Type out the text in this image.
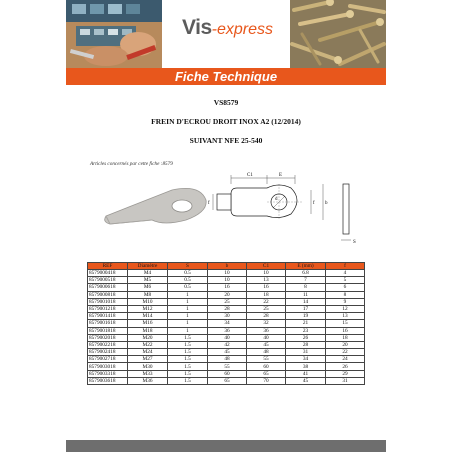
Vis-express
Fiche Technique
VS8579
FREIN D'ECROU DROIT INOX A2 (12/2014)
SUIVANT NFE 25-540
Articles concernés par cette fiche :8579
C1	E
d
f	f b
S
REF	Diamètre	S	b	C1	E (mm)	f
8579000418	M4	0.5	10	10	6.8	4
8579000518	M5	0.5	10	13	7	5
8579000618	M6	0.5	16	16	8	6
8579000818	M8	1	20	18	11	8
8579001018	M10	1	25	22	14	9
8579001218	M12	1	28	25	17	12
8579001418	M14	1	30	28	19	13
8579001618	M16	1	34	32	21	15
8579001818	M18	1	36	36	23	16
8579002018	M20	1.5	40	40	26	18
8579002218	M22	1.5	42	45	28	20
8579002418	M24	1.5	45	48	31	22
8579002718	M27	1.5	48	55	34	24
8579003018	M30	1.5	55	60	38	26
8579003318	M33	1.5	60	65	41	29
8579003618	M36	1.5	65	70	45	31
